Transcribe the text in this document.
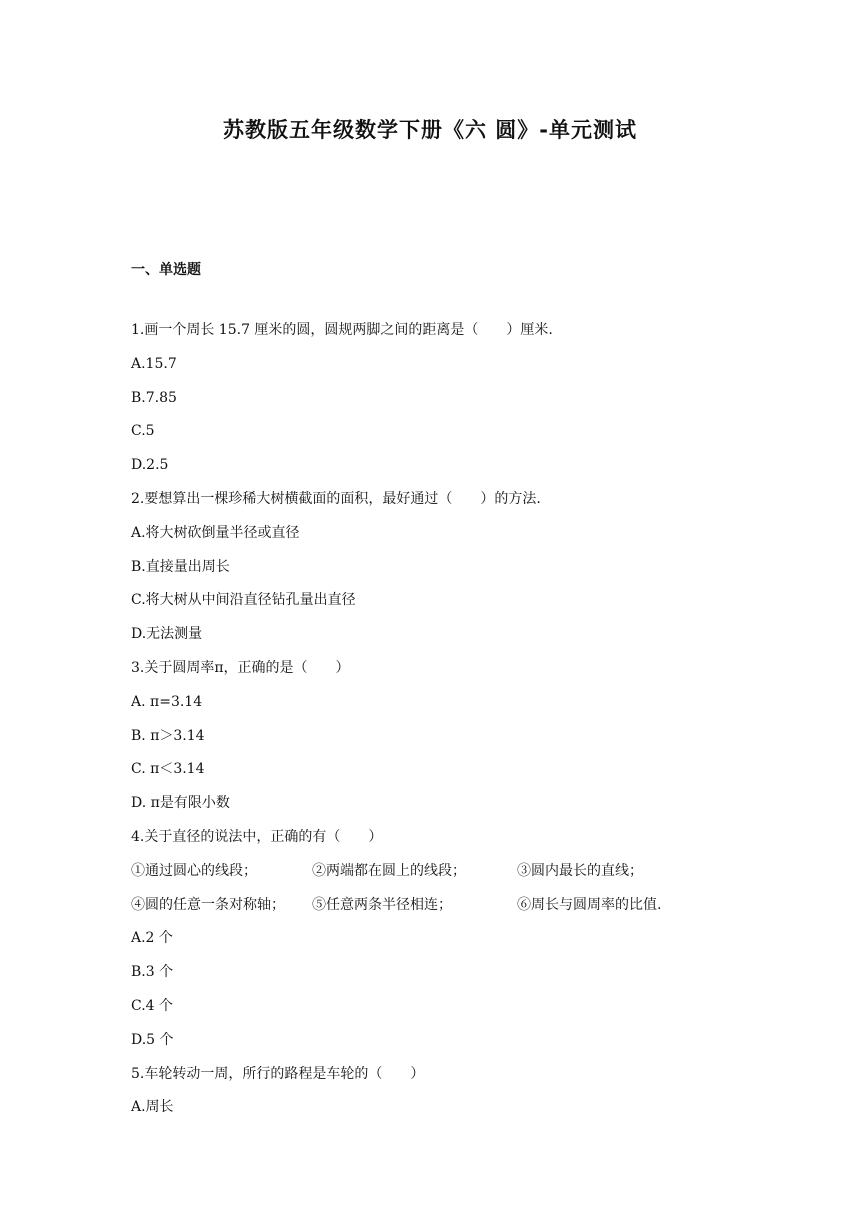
苏教版五年级数学下册《六 圆》-单元测试
一、单选题
1.画一个周长 15.7 厘米的圆，圆规两脚之间的距离是（　　）厘米.
A.15.7
B.7.85
C.5
D.2.5
2.要想算出一棵珍稀大树横截面的面积，最好通过（　　）的方法.
A.将大树砍倒量半径或直径
B.直接量出周长
C.将大树从中间沿直径钻孔量出直径
D.无法测量
3.关于圆周率π，正确的是（　　）
A. π=3.14
B. π＞3.14
C. π＜3.14
D. π是有限小数
4.关于直径的说法中，正确的有（　　）
①通过圆心的线段；	②两端都在圆上的线段；	③圆内最长的直线；
④圆的任意一条对称轴；	⑤任意两条半径相连；	⑥周长与圆周率的比值.
A.2 个
B.3 个
C.4 个
D.5 个
5.车轮转动一周，所行的路程是车轮的（　　）
A.周长
